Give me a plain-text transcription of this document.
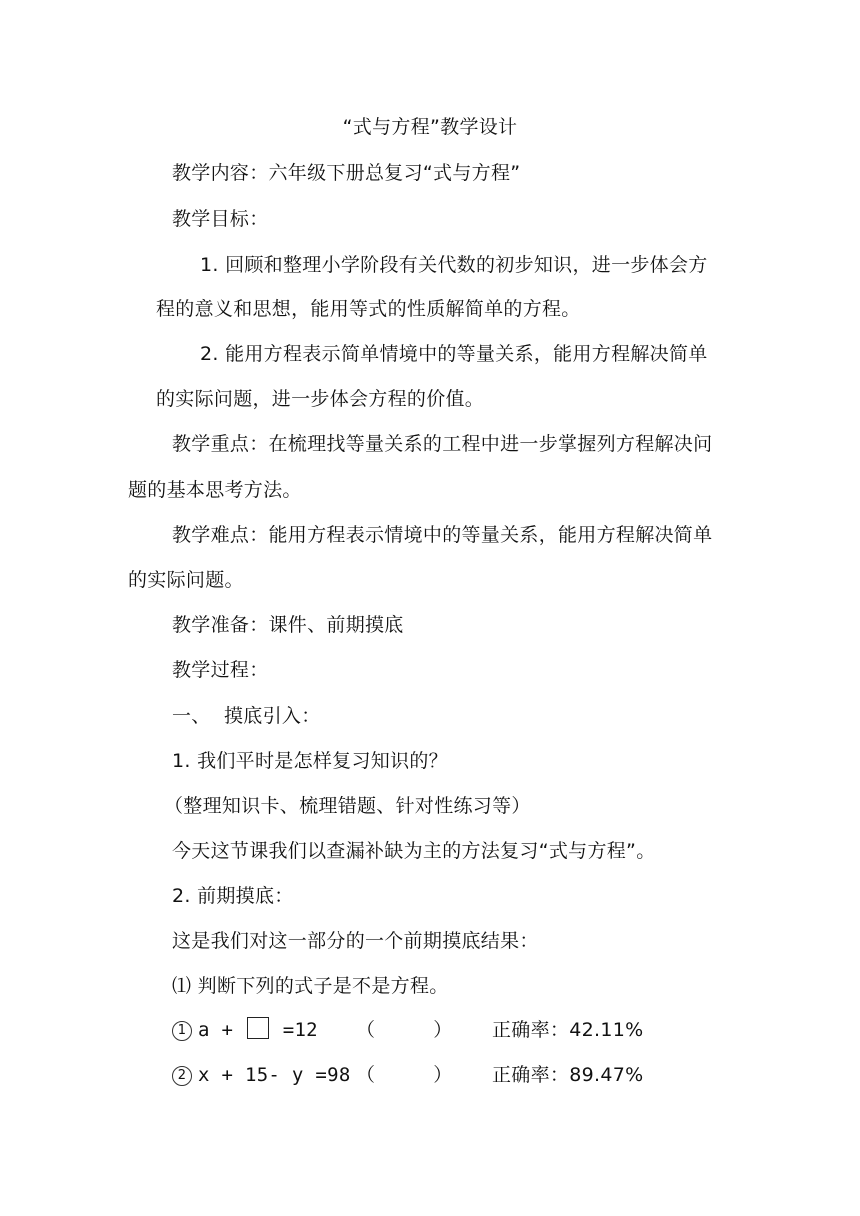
“式与方程”教学设计
教学内容：六年级下册总复习“式与方程”
教学目标：
1. 回顾和整理小学阶段有关代数的初步知识，进一步体会方
程的意义和思想，能用等式的性质解简单的方程。
2. 能用方程表示简单情境中的等量关系，能用方程解决简单
的实际问题，进一步体会方程的价值。
教学重点：在梳理找等量关系的工程中进一步掌握列方程解决问
题的基本思考方法。
教学难点：能用方程表示情境中的等量关系，能用方程解决简单
的实际问题。
教学准备：课件、前期摸底
教学过程：
一、 摸底引入：
1. 我们平时是怎样复习知识的？
（整理知识卡、梳理错题、针对性练习等）
今天这节课我们以查漏补缺为主的方法复习“式与方程”。
2. 前期摸底：
这是我们对这一部分的一个前期摸底结果：
⑴ 判断下列的式子是不是方程。
1 a +  =12 （　　　） 正确率：42.11%
2 x + 15- y =98 （　　　） 正确率：89.47%
